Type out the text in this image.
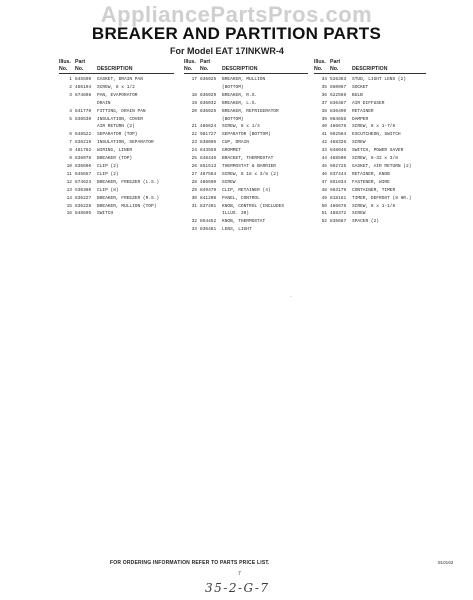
AppliancePartsPros.com
BREAKER AND PARTITION PARTS
For Model EAT 17INKWR-4
Illus. Part
No.	No.	DESCRIPTION
1 845590	GASKET, DRAIN PAN
2 486194	SCREW, 8 x 1/2
3 874698	PAN, EVAPORATOR
DRAIN
4 841770	FITTING, DRAIN PAN
5 836530	INSULATION, COVER
AIR RETURN (2)
6 848522	SEPARATOR (TOP)
7 836219	INSULATION, SEPARATOR
8 481782	WIRING, LINER
9 836078	BREAKER (TOP)
10 836606	CLIP (2)
11 845657	CLIP (2)
12 874623	BREAKER, FREEZER (L.S.)
13 536360	CLIP (8)
14 836227	BREAKER, FREEZER (R.S.)
15 836228	BREAKER, MULLION (TOP)
16 848695	SWITCH
Illus. Part
No.	No.	DESCRIPTION
17 836025	BREAKER, MULLION
(BOTTOM)
18 836029	BREAKER, R.S.
19 836032	BREAKER, L.S.
20 836026	BREAKER, REFRIGERATOR
(BOTTOM)
21 486624	SCREW, 8 x 1/4
22 981727	SEPARATOR (BOTTOM)
23 838095	CUP, DRAIN
24 843559	GROMMET
25 848446	BRACKET, THERMOSTAT
26 851513	THERMOSTAT & BARRIER
27 487584	SCREW, 8 18 x 3/8 (2)
28 486590	SCREW
29 849479	CLIP, RETAINER (4)
30 841208	PANEL, CONTROL
31 837401	KNOB, CONTROL (INCLUDES
ILLUS. 30)
32 854452	KNOB, THERMOSTAT
33 836481	LENS, LIGHT
Illus. Part
No.	No.	DESCRIPTION
34 526363	STUD, LIGHT LENS (2)
35 850067	SOCKET
36 522569	BULB
37 836487	AIR DIFFUSER
38 836490	RETAINER
39 984656	DAMPER
40 486678	SCREW, 8 x 1-7/8
41 982584	ESCUTCHEON, SWITCH
42 488326	SCREW
43 848046	SWITCH, POWER SAVER
44 488500	SCREW, 6-32 x 3/8
45 982725	GASKET, AIR RETURN (2)
46 837444	RETAINER, KNOB
47 851034	FASTENER, WIRE
48 983179	CONTAINER, TIMER
49 818161	TIMER, DEFROST (8 HR.)
50 486678	SCREW, 8 x 1-1/8
51 488372	SCREW
52 835667	SPACER (2)
·
FOR ORDERING INFORMATION REFER TO PARTS PRICE LIST.
7
910162
35-2-G-7
